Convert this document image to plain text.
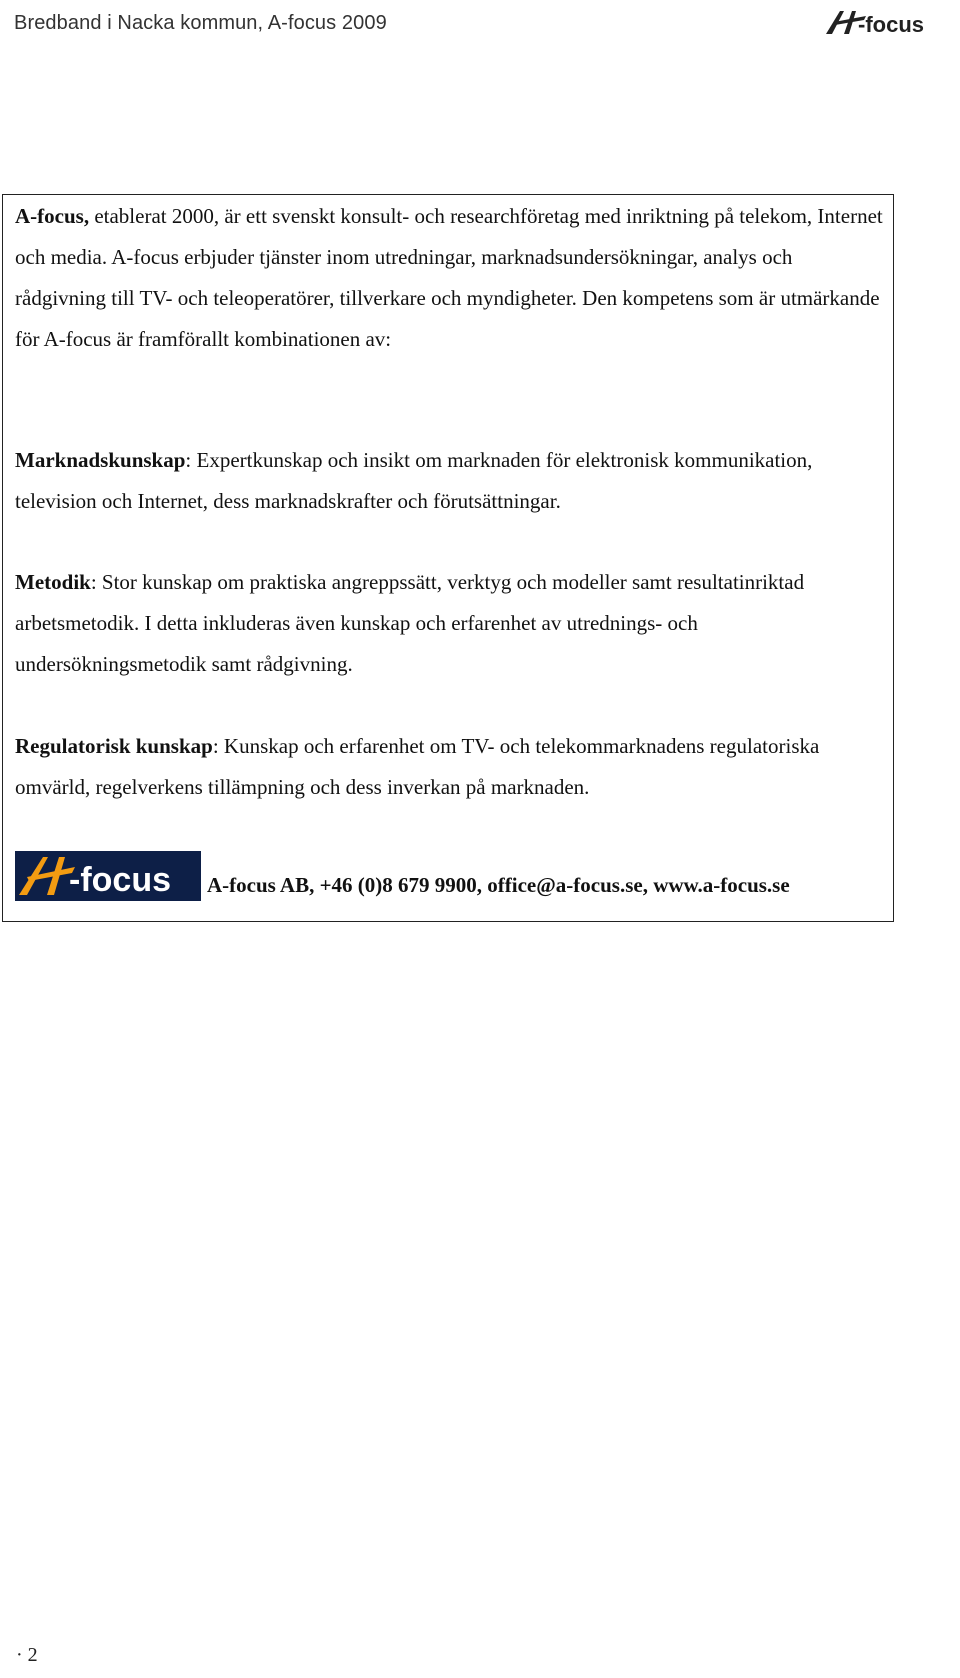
Bredband i Nacka kommun, A-focus 2009	-focus

A-focus, etablerat 2000, är ett svenskt konsult- och researchföretag med inriktning på telekom, Internet och media. A-focus erbjuder tjänster inom utredningar, marknadsundersökningar, analys och rådgivning till TV- och teleoperatörer, tillverkare och myndigheter. Den kompetens som är utmärkande för A-focus är framförallt kombinationen av:

Marknadskunskap: Expertkunskap och insikt om marknaden för elektronisk kommunikation, television och Internet, dess marknadskrafter och förutsättningar.

Metodik: Stor kunskap om praktiska angreppssätt, verktyg och modeller samt resultatinriktad arbetsmetodik. I detta inkluderas även kunskap och erfarenhet av utrednings- och undersökningsmetodik samt rådgivning.

Regulatorisk kunskap: Kunskap och erfarenhet om TV- och telekommarknadens regulatoriska omvärld, regelverkens tillämpning och dess inverkan på marknaden.

-focus A-focus AB, +46 (0)8 679 9900, office@a-focus.se, www.a-focus.se
· 2
